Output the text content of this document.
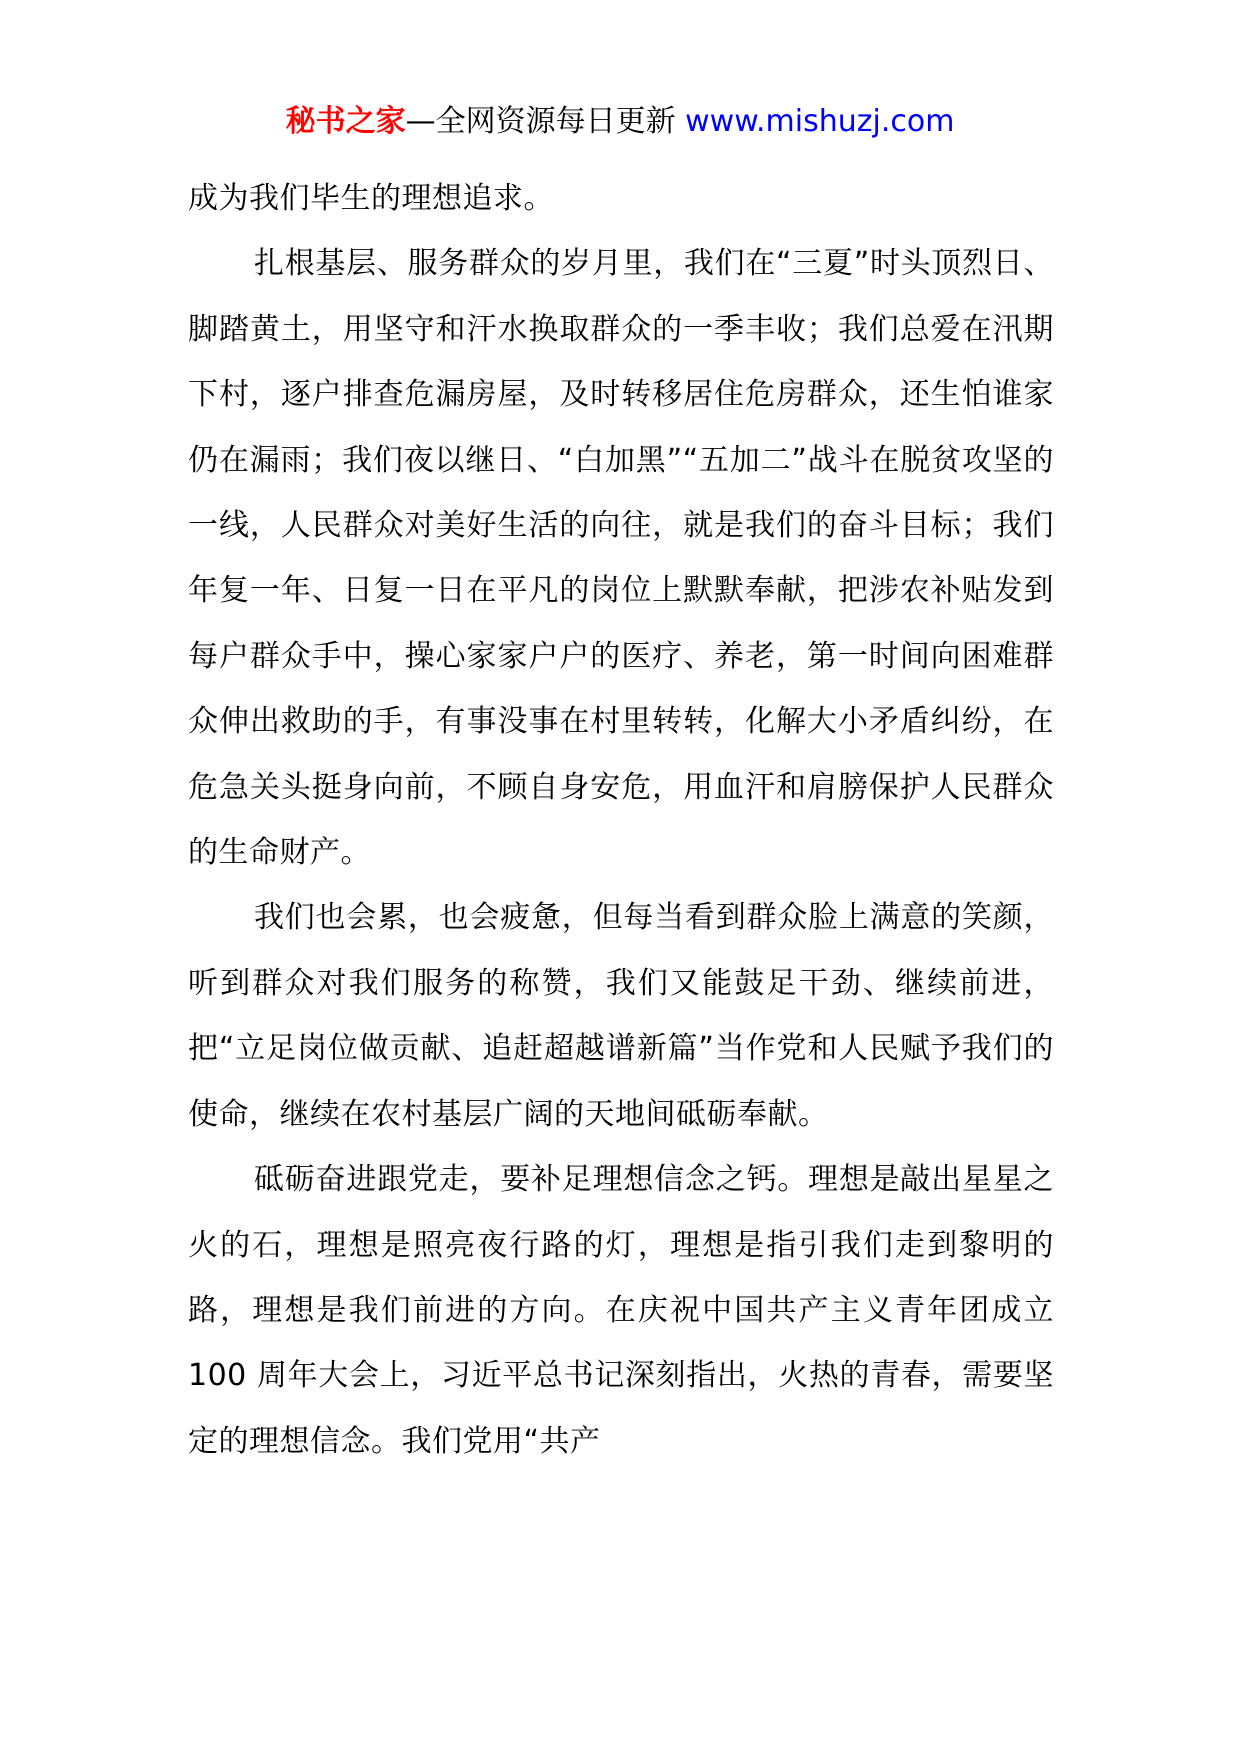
秘书之家—全网资源每日更新 www.mishuzj.com

成为我们毕生的理想追求。

扎根基层、服务群众的岁月里，我们在“三夏”时头顶烈日、脚踏黄土，用坚守和汗水换取群众的一季丰收；我们总爱在汛期下村，逐户排查危漏房屋，及时转移居住危房群众，还生怕谁家仍在漏雨；我们夜以继日、“白加黑”“五加二”战斗在脱贫攻坚的一线，人民群众对美好生活的向往，就是我们的奋斗目标；我们年复一年、日复一日在平凡的岗位上默默奉献，把涉农补贴发到每户群众手中，操心家家户户的医疗、养老，第一时间向困难群众伸出救助的手，有事没事在村里转转，化解大小矛盾纠纷，在危急关头挺身向前，不顾自身安危，用血汗和肩膀保护人民群众的生命财产。

我们也会累，也会疲惫，但每当看到群众脸上满意的笑颜，听到群众对我们服务的称赞，我们又能鼓足干劲、继续前进，把“立足岗位做贡献、追赶超越谱新篇”当作党和人民赋予我们的使命，继续在农村基层广阔的天地间砥砺奉献。

砥砺奋进跟党走，要补足理想信念之钙。理想是敲出星星之火的石，理想是照亮夜行路的灯，理想是指引我们走到黎明的路，理想是我们前进的方向。在庆祝中国共产主义青年团成立 100 周年大会上，习近平总书记深刻指出，火热的青春，需要坚定的理想信念。我们党用“共产
